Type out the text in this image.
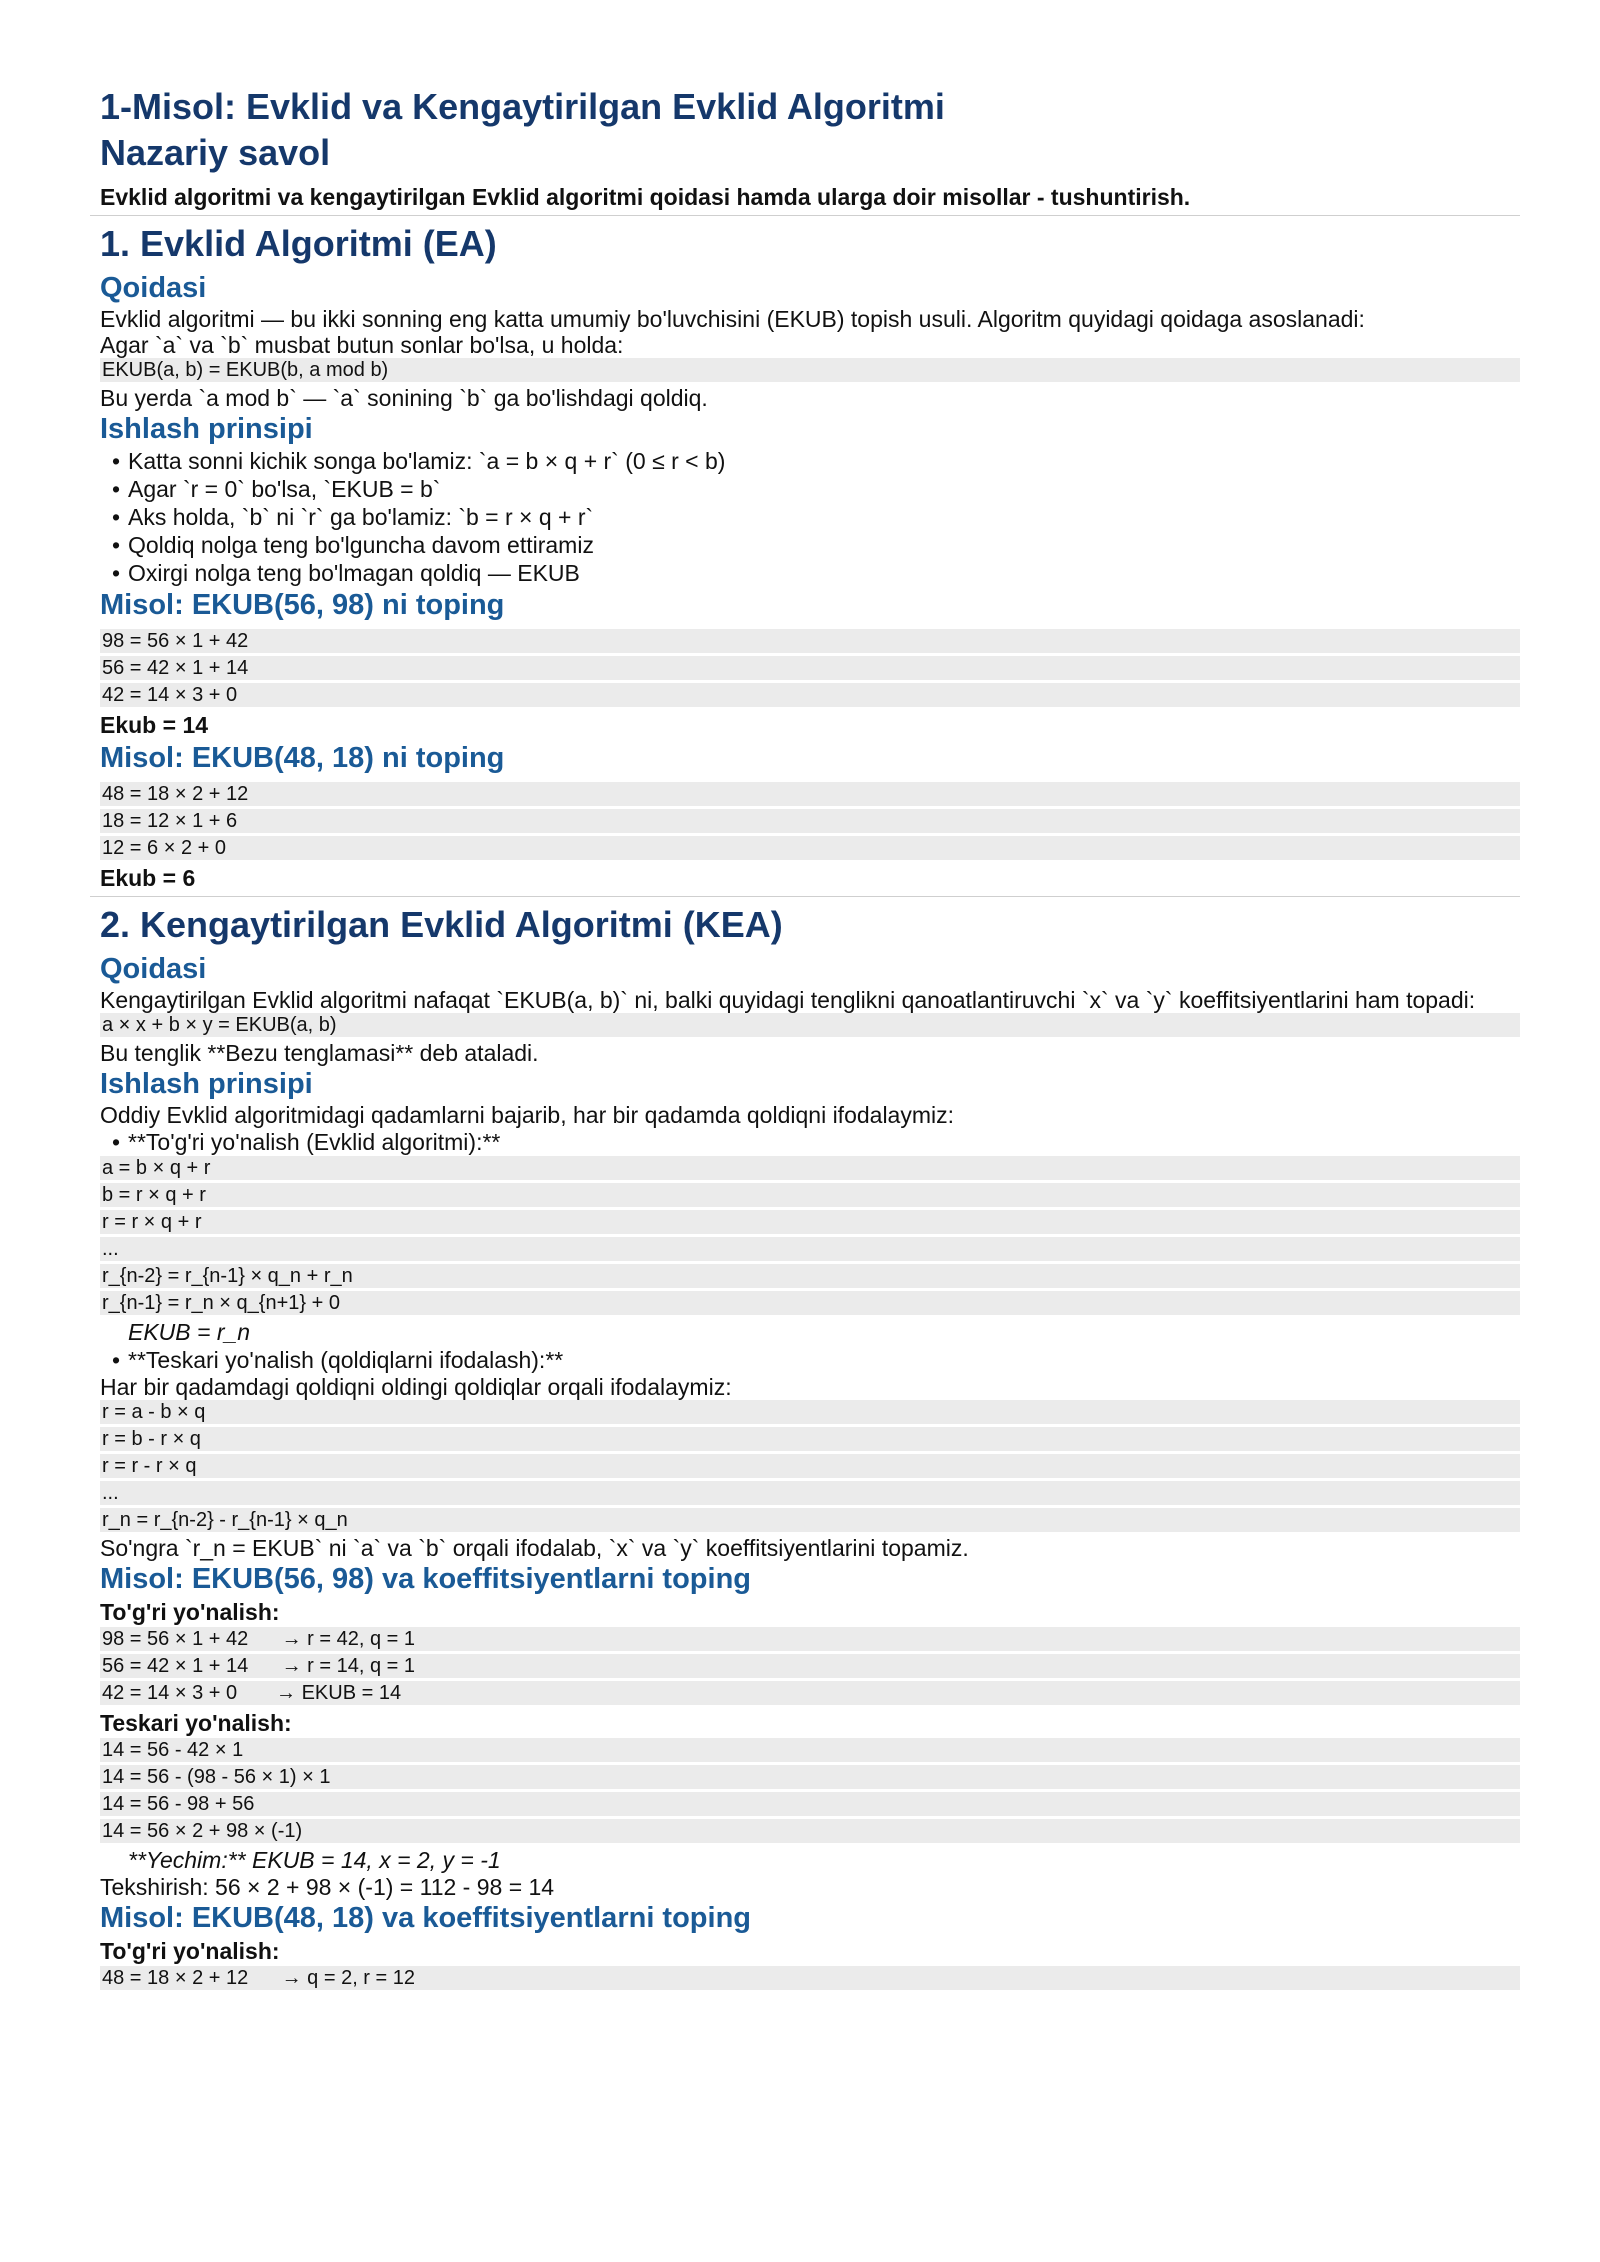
1-Misol: Evklid va Kengaytirilgan Evklid Algoritmi
Nazariy savol
Evklid algoritmi va kengaytirilgan Evklid algoritmi qoidasi hamda ularga doir misollar - tushuntirish.
1. Evklid Algoritmi (EA)
Qoidasi

Evklid algoritmi — bu ikki sonning eng katta umumiy bo'luvchisini (EKUB) topish usuli. Algoritm quyidagi qoidaga asoslanadi:

Agar `a` va `b` musbat butun sonlar bo'lsa, u holda:

EKUB(a, b) = EKUB(b, a mod b)

Bu yerda `a mod b` — `a` sonining `b` ga bo'lishdagi qoldiq.

Ishlash prinsipi
• Katta sonni kichik songa bo'lamiz: `a = b × q + r` (0 ≤ r < b)
• Agar `r = 0` bo'lsa, `EKUB = b`
• Aks holda, `b` ni `r` ga bo'lamiz: `b = r × q + r`
• Qoldiq nolga teng bo'lguncha davom ettiramiz
• Oxirgi nolga teng bo'lmagan qoldiq — EKUB
Misol: EKUB(56, 98) ni toping
98 = 56 × 1 + 42
56 = 42 × 1 + 14
42 = 14 × 3 + 0
Ekub = 14
Misol: EKUB(48, 18) ni toping
48 = 18 × 2 + 12
18 = 12 × 1 + 6
12 = 6 × 2 + 0
Ekub = 6
2. Kengaytirilgan Evklid Algoritmi (KEA)
Qoidasi

Kengaytirilgan Evklid algoritmi nafaqat `EKUB(a, b)` ni, balki quyidagi tenglikni qanoatlantiruvchi `x` va `y` koeffitsiyentlarini ham topadi:

a × x + b × y = EKUB(a, b)

Bu tenglik **Bezu tenglamasi** deb ataladi.

Ishlash prinsipi

Oddiy Evklid algoritmidagi qadamlarni bajarib, har bir qadamda qoldiqni ifodalaymiz:

• **To'g'ri yo'nalish (Evklid algoritmi):**
a = b × q + r
b = r × q + r
r = r × q + r
...
r_{n-2} = r_{n-1} × q_n + r_n
r_{n-1} = r_n × q_{n+1} + 0
EKUB = r_n
• **Teskari yo'nalish (qoldiqlarni ifodalash):**

Har bir qadamdagi qoldiqni oldingi qoldiqlar orqali ifodalaymiz:

r = a - b × q
r = b - r × q
r = r - r × q
...
r_n = r_{n-2} - r_{n-1} × q_n

So'ngra `r_n = EKUB` ni `a` va `b` orqali ifodalab, `x` va `y` koeffitsiyentlarini topamiz.

Misol: EKUB(56, 98) va koeffitsiyentlarni toping
To'g'ri yo'nalish:
98 = 56 × 1 + 42 → r = 42, q = 1
56 = 42 × 1 + 14 → r = 14, q = 1
42 = 14 × 3 + 0 → EKUB = 14
Teskari yo'nalish:
14 = 56 - 42 × 1
14 = 56 - (98 - 56 × 1) × 1
14 = 56 - 98 + 56
14 = 56 × 2 + 98 × (-1)
**Yechim:** EKUB = 14, x = 2, y = -1

Tekshirish: 56 × 2 + 98 × (-1) = 112 - 98 = 14

Misol: EKUB(48, 18) va koeffitsiyentlarni toping
To'g'ri yo'nalish:
48 = 18 × 2 + 12 → q = 2, r = 12
